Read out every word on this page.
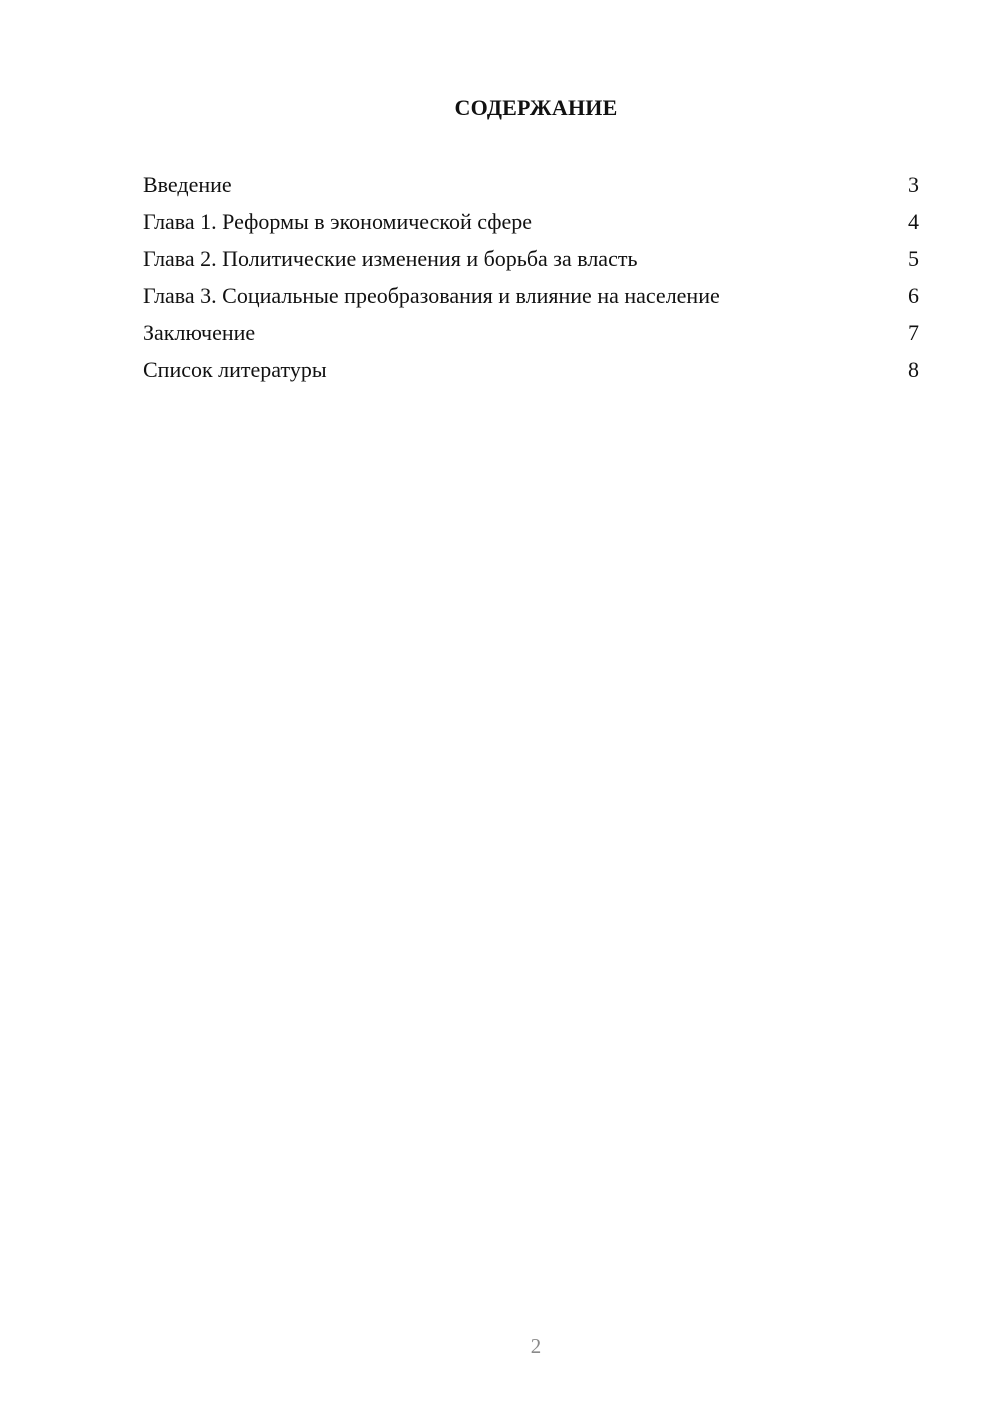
СОДЕРЖАНИЕ
Введение	3
Глава 1. Реформы в экономической сфере	4
Глава 2. Политические изменения и борьба за власть	5
Глава 3. Социальные преобразования и влияние на население	6
Заключение	7
Список литературы	8
2
